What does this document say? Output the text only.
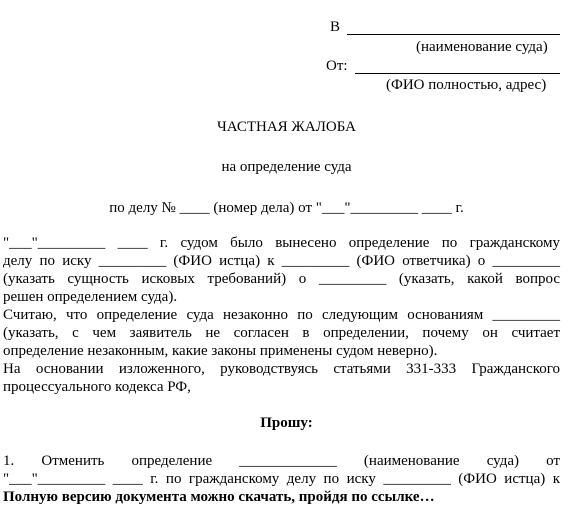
В
(наименование суда)
От:
(ФИО полностью, адрес)
ЧАСТНАЯ ЖАЛОБА
на определение суда
по делу № ____ (номер дела) от "___"_________ ____ г.
"___"_________ ____ г. судом было вынесено определение по гражданскому
делу по иску _________ (ФИО истца) к _________ (ФИО ответчика) о _________
(указать сущность исковых требований) о _________ (указать, какой вопрос
решен определением суда).
Считаю, что определение суда незаконно по следующим основаниям _________
(указать, с чем заявитель не согласен в определении, почему он считает
определение незаконным, какие законы применены судом неверно).
На основании изложенного, руководствуясь статьями 331-333 Гражданского
процессуального кодекса РФ,
Прошу:
1. Отменить определение _____________ (наименование суда) от
"___"_________ ____ г. по гражданскому делу по иску _________ (ФИО истца) к
Полную версию документа можно скачать, пройдя по ссылке…
